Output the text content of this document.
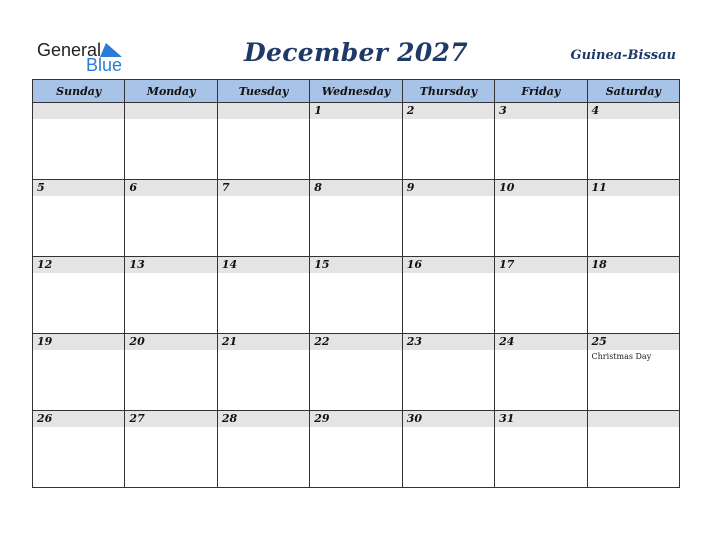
General
Blue	December 2027	Guinea-Bissau
Sunday	Monday	Tuesday	Wednesday	Thursday	Friday	Saturday

			1	2	3	4

5	6	7	8	9	10	11

12	13	14	15	16	17	18

19	20	21	22	23	24	25
Christmas Day

26	27	28	29	30	31	
